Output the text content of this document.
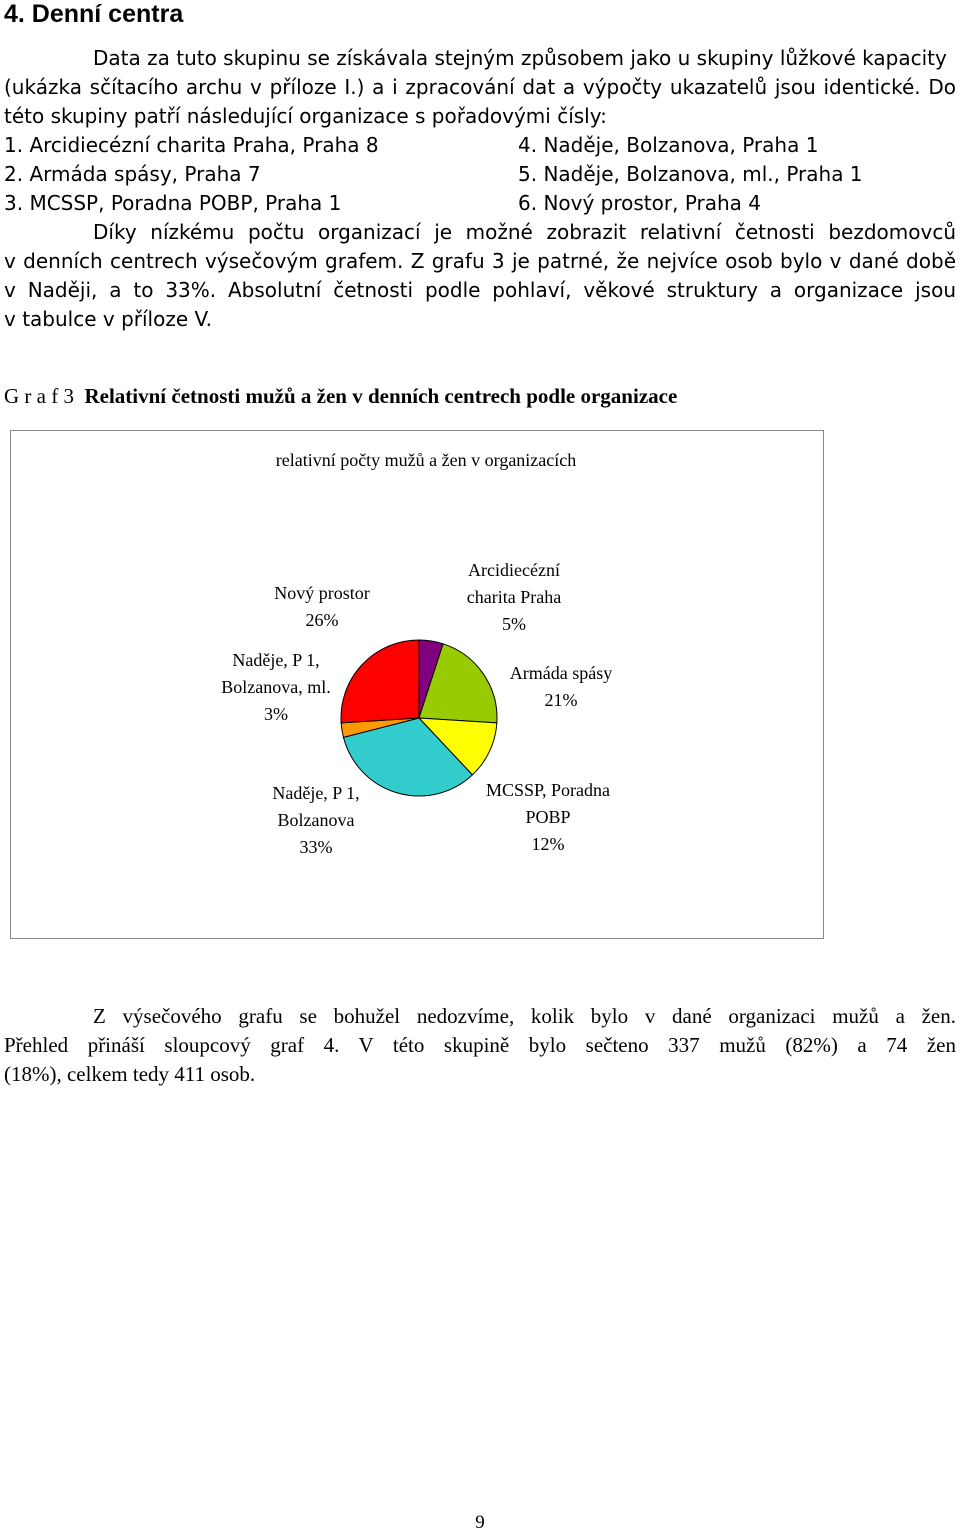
4. Denní centra
Data za tuto skupinu se získávala stejným způsobem jako u skupiny lůžkové kapacity
(ukázka sčítacího archu v příloze I.) a i zpracování dat a výpočty ukazatelů jsou identické. Do
této skupiny patří následující organizace s pořadovými čísly:
1. Arcidiecézní charita Praha, Praha 8
2. Armáda spásy, Praha 7
3. MCSSP, Poradna POBP, Praha 1
4. Naděje, Bolzanova, Praha 1
5. Naděje, Bolzanova, ml., Praha 1
6. Nový prostor, Praha 4
Díky nízkému počtu organizací je možné zobrazit relativní četnosti bezdomovců
v denních centrech výsečovým grafem. Z grafu 3 je patrné, že nejvíce osob bylo v dané době
v Naději, a to 33%. Absolutní četnosti podle pohlaví, věkové struktury a organizace jsou
v tabulce v příloze V.
G r a f 3 Relativní četnosti mužů a žen v denních centrech podle organizace
relativní počty mužů a žen v organizacích
Arcidiecézní charita Praha 5%
Armáda spásy 21%
MCSSP, Poradna POBP 12%
Naděje, P 1, Bolzanova 33%
Naděje, P 1, Bolzanova, ml. 3%
Nový prostor 26%
Z výsečového grafu se bohužel nedozvíme, kolik bylo v dané organizaci mužů a žen.
Přehled přináší sloupcový graf 4. V této skupině bylo sečteno 337 mužů (82%) a 74 žen
(18%), celkem tedy 411 osob.
9
